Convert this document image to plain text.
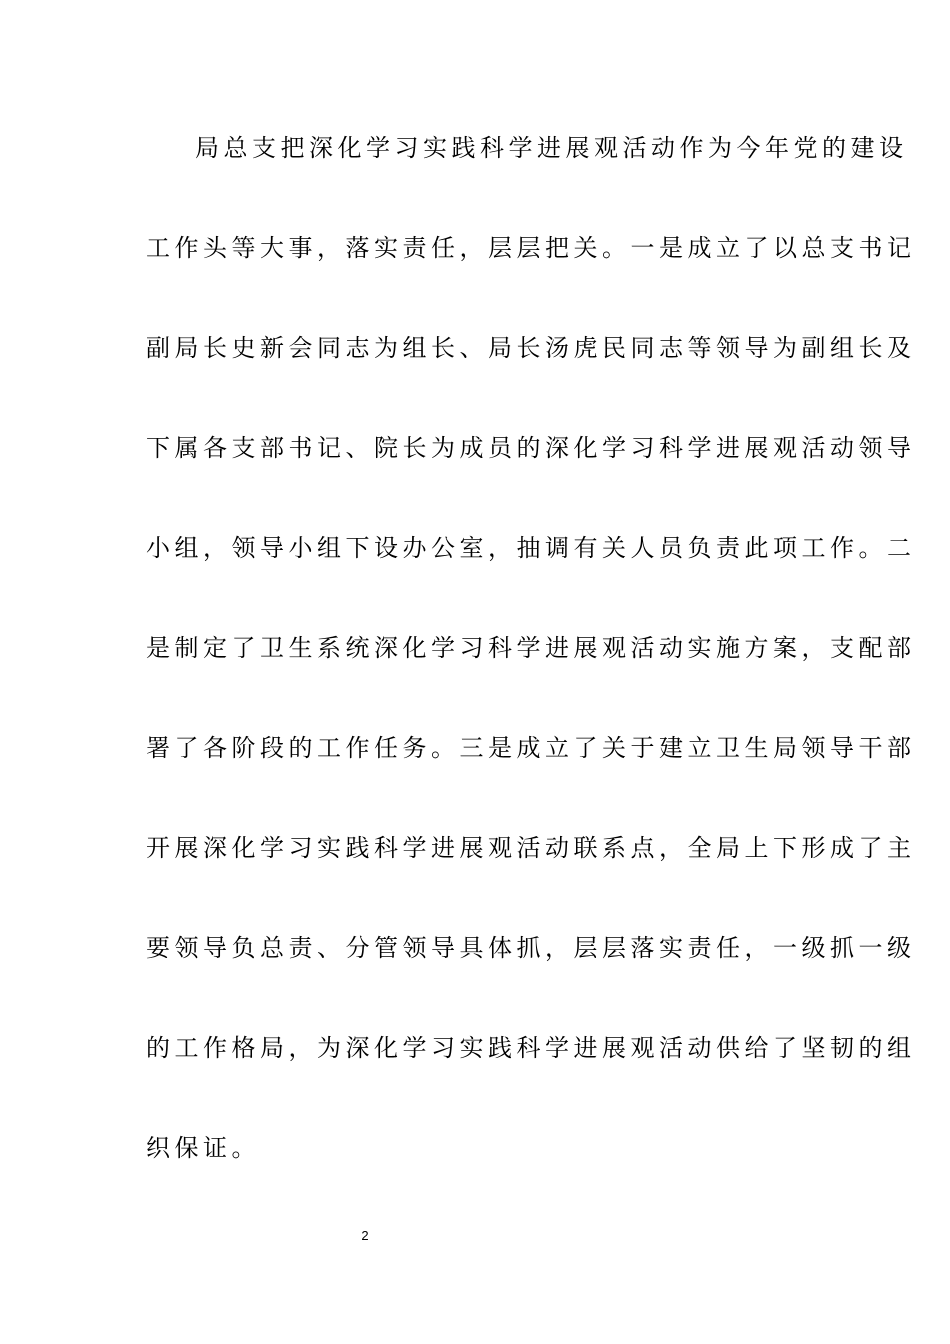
局总支把深化学习实践科学进展观活动作为今年党的建设
工作头等大事，落实责任，层层把关。一是成立了以总支书记
副局长史新会同志为组长、局长汤虎民同志等领导为副组长及
下属各支部书记、院长为成员的深化学习科学进展观活动领导
小组，领导小组下设办公室，抽调有关人员负责此项工作。二
是制定了卫生系统深化学习科学进展观活动实施方案，支配部
署了各阶段的工作任务。三是成立了关于建立卫生局领导干部
开展深化学习实践科学进展观活动联系点，全局上下形成了主
要领导负总责、分管领导具体抓，层层落实责任，一级抓一级
的工作格局，为深化学习实践科学进展观活动供给了坚韧的组
织保证。
2
